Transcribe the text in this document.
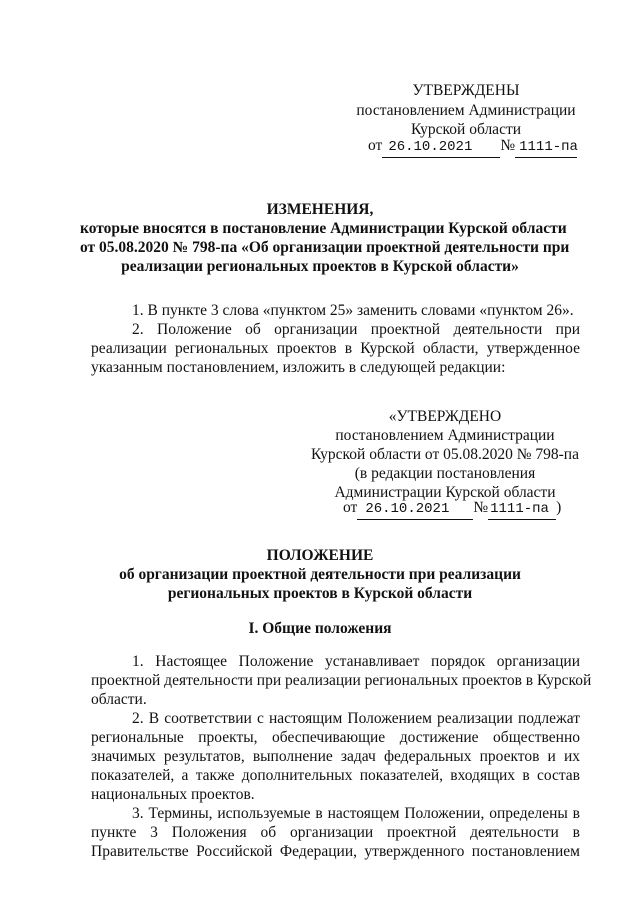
УТВЕРЖДЕНЫ
постановлением Администрации
Курской области
от 26.10.2021 № 1111-па
ИЗМЕНЕНИЯ,
которые вносятся в постановление Администрации Курской области
от 05.08.2020 № 798-па «Об организации проектной деятельности при
реализации региональных проектов в Курской области»
1. В пункте 3 слова «пунктом 25» заменить словами «пунктом 26».
2. Положение об организации проектной деятельности при
реализации региональных проектов в Курской области, утвержденное
указанным постановлением, изложить в следующей редакции:
«УТВЕРЖДЕНО
постановлением Администрации
Курской области от 05.08.2020 № 798-па
(в редакции постановления
Администрации Курской области
от 26.10.2021 № 1111-па )
ПОЛОЖЕНИЕ
об организации проектной деятельности при реализации
региональных проектов в Курской области
I. Общие положения
1. Настоящее Положение устанавливает порядок организации
проектной деятельности при реализации региональных проектов в Курской
области.
2. В соответствии с настоящим Положением реализации подлежат
региональные проекты, обеспечивающие достижение общественно
значимых результатов, выполнение задач федеральных проектов и их
показателей, а также дополнительных показателей, входящих в состав
национальных проектов.
3. Термины, используемые в настоящем Положении, определены в
пункте 3 Положения об организации проектной деятельности в
Правительстве Российской Федерации, утвержденного постановлением
